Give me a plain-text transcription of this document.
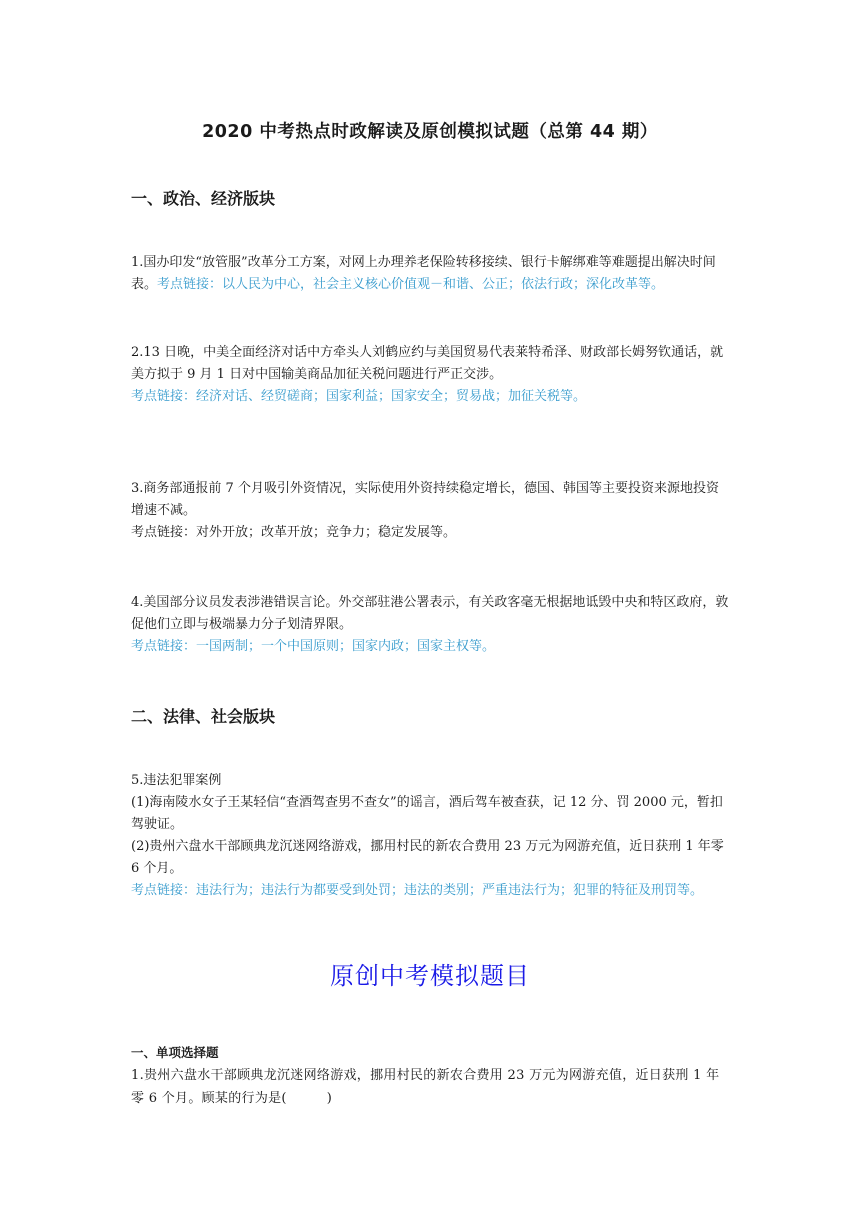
2020 中考热点时政解读及原创模拟试题（总第 44 期）
一、政治、经济版块

1.国办印发“放管服”改革分工方案，对网上办理养老保险转移接续、银行卡解绑难等难题提出解决时间

表。考点链接：以人民为中心，社会主义核心价值观－和谐、公正；依法行政；深化改革等。

2.13 日晚，中美全面经济对话中方牵头人刘鹤应约与美国贸易代表莱特希泽、财政部长姆努钦通话，就美方拟于 9 月 1 日对中国输美商品加征关税问题进行严正交涉。

考点链接：经济对话、经贸磋商；国家利益；国家安全；贸易战；加征关税等。

3.商务部通报前 7 个月吸引外资情况，实际使用外资持续稳定增长，德国、韩国等主要投资来源地投资增速不减。

考点链接：对外开放；改革开放；竞争力；稳定发展等。

4.美国部分议员发表涉港错误言论。外交部驻港公署表示，有关政客毫无根据地诋毁中央和特区政府，敦促他们立即与极端暴力分子划清界限。

考点链接：一国两制；一个中国原则；国家内政；国家主权等。

二、法律、社会版块

5.违法犯罪案例

(1)海南陵水女子王某轻信“查酒驾查男不查女”的谣言，酒后驾车被查获，记 12 分、罚 2000 元，暂扣驾驶证。

(2)贵州六盘水干部顾典龙沉迷网络游戏，挪用村民的新农合费用 23 万元为网游充值，近日获刑 1 年零 6 个月。

考点链接：违法行为；违法行为都要受到处罚；违法的类别；严重违法行为；犯罪的特征及刑罚等。

原创中考模拟题目
一、单项选择题

1.贵州六盘水干部顾典龙沉迷网络游戏，挪用村民的新农合费用 23 万元为网游充值，近日获刑 1 年零 6 个月。顾某的行为是(　　　)
